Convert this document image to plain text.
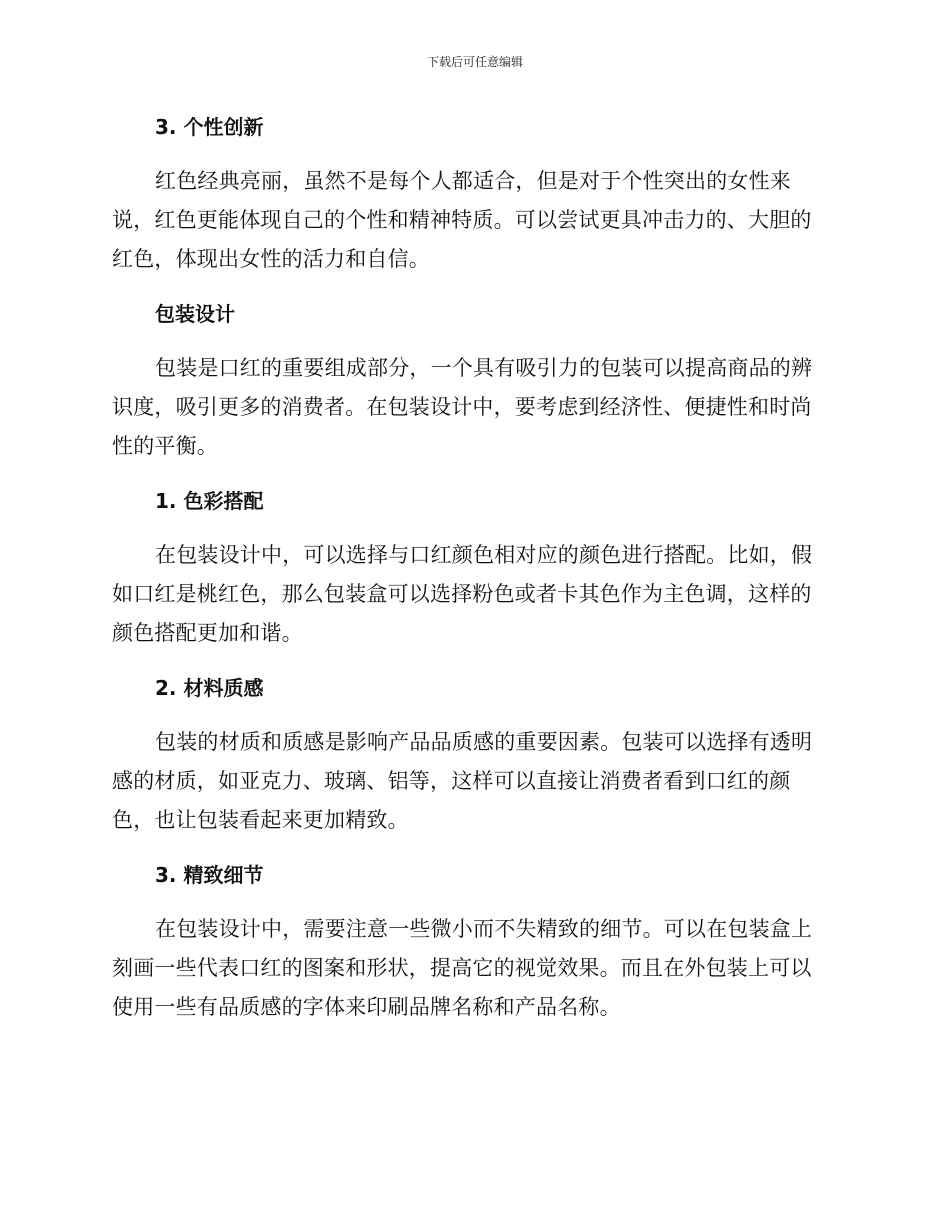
下载后可任意编辑
3. 个性创新

红色经典亮丽，虽然不是每个人都适合，但是对于个性突出的女性来说，红色更能体现自己的个性和精神特质。可以尝试更具冲击力的、大胆的红色，体现出女性的活力和自信。

包装设计

包装是口红的重要组成部分，一个具有吸引力的包装可以提高商品的辨识度，吸引更多的消费者。在包装设计中，要考虑到经济性、便捷性和时尚性的平衡。

1. 色彩搭配

在包装设计中，可以选择与口红颜色相对应的颜色进行搭配。比如，假如口红是桃红色，那么包装盒可以选择粉色或者卡其色作为主色调，这样的颜色搭配更加和谐。

2. 材料质感

包装的材质和质感是影响产品品质感的重要因素。包装可以选择有透明感的材质，如亚克力、玻璃、铝等，这样可以直接让消费者看到口红的颜色，也让包装看起来更加精致。

3. 精致细节

在包装设计中，需要注意一些微小而不失精致的细节。可以在包装盒上刻画一些代表口红的图案和形状，提高它的视觉效果。而且在外包装上可以使用一些有品质感的字体来印刷品牌名称和产品名称。
